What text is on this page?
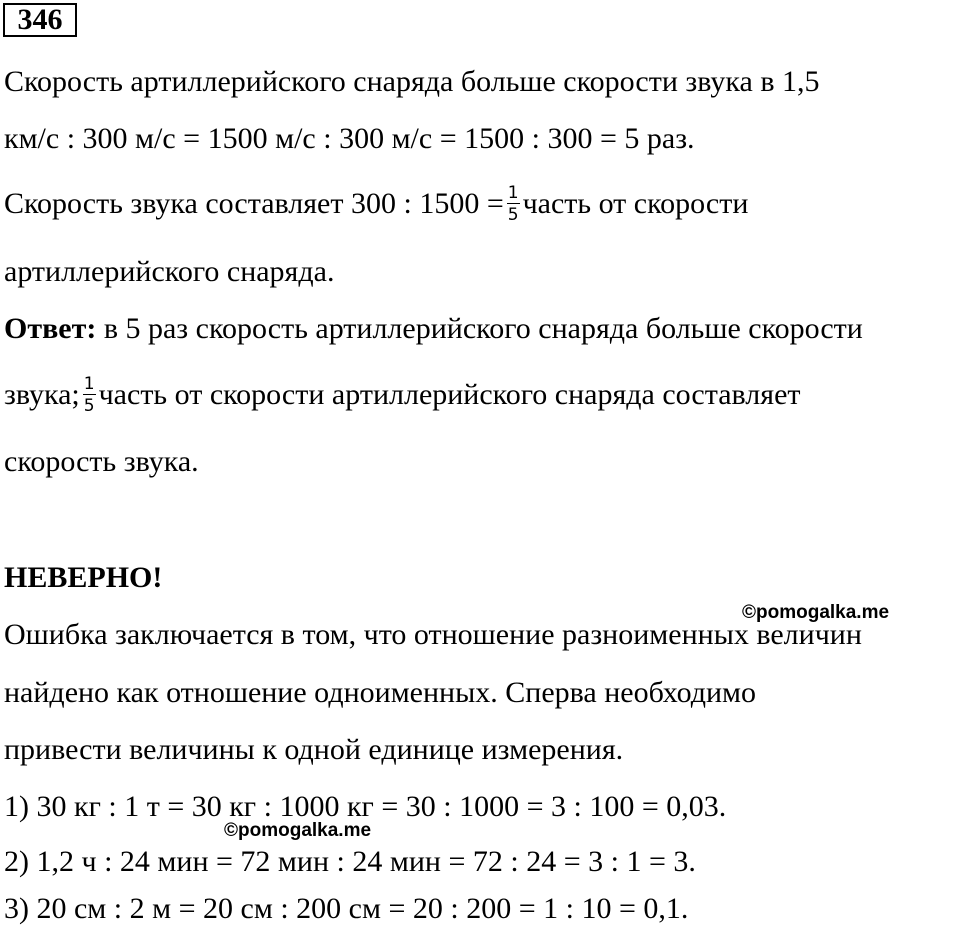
346
Скорость артиллерийского снаряда больше скорости звука в 1,5
км/с : 300 м/с = 1500 м/с : 300 м/с = 1500 : 300 = 5 раз.
Скорость звука составляет 300 : $1500 = \frac{1}{5}$ часть от скорости
артиллерийского снаряда.
Ответ: в 5 раз скорость артиллерийского снаряда больше скорости
звука; $\frac{1}{5}$ часть от скорости артиллерийского снаряда составляет
скорость звука.
НЕВЕРНО!
©pomogalka.me
Ошибка заключается в том, что отношение разноименных величин
найдено как отношение одноименных. Сперва необходимо
привести величины к одной единице измерения.
1) 30 кг : 1 т = 30 кг : 1000 кг = 30 : 1000 = 3 : 100 = 0,03.
©pomogalka.me
2) 1,2 ч : 24 мин = 72 мин : 24 мин = 72 : 24 = 3 : 1 = 3.
3) 20 см : 2 м = 20 см : 200 см = 20 : 200 = 1 : 10 = 0,1.
